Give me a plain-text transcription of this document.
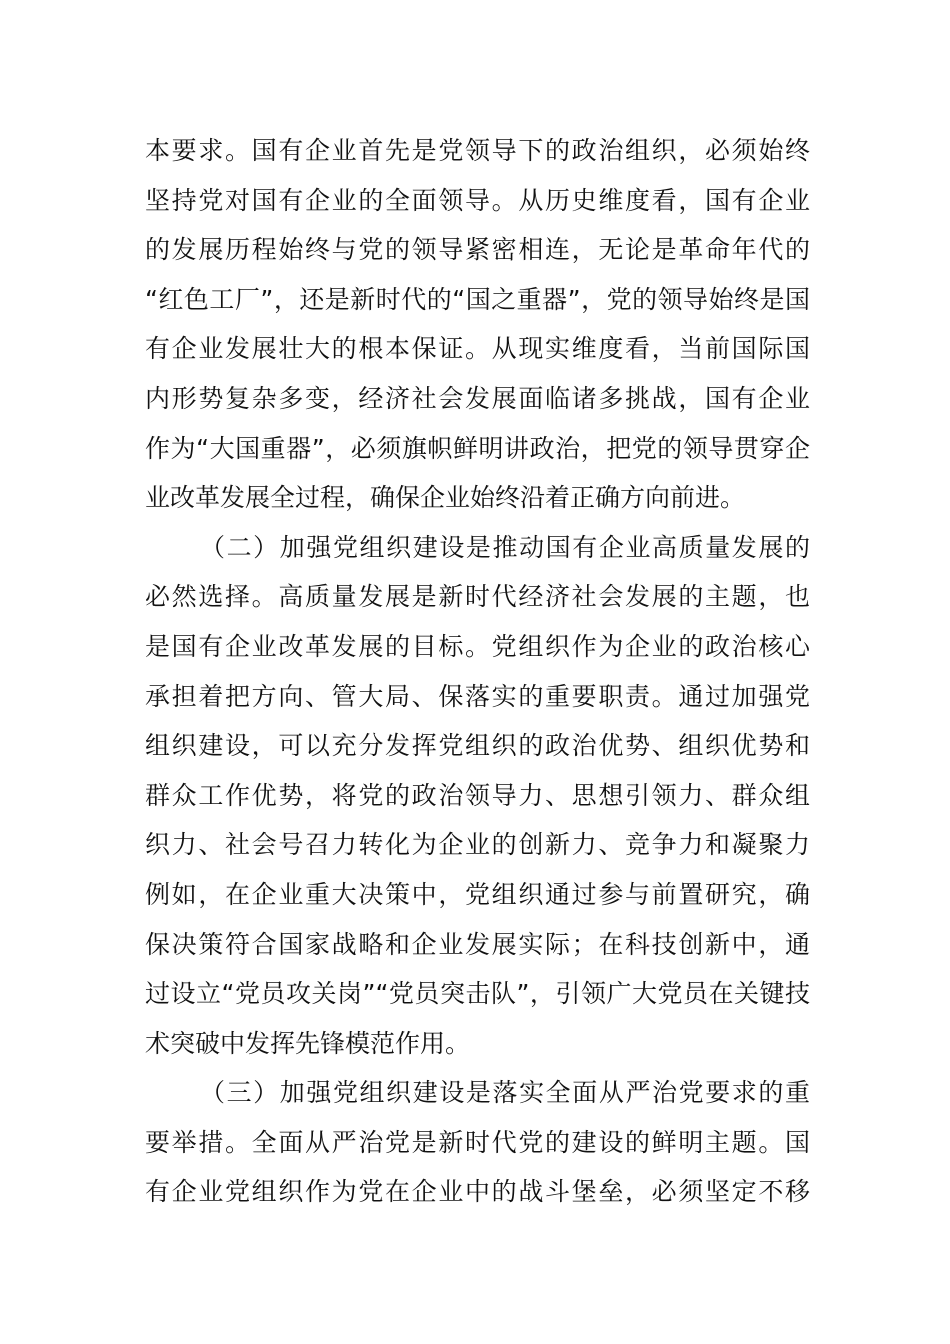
本要求。国有企业首先是党领导下的政治组织，必须始终
坚持党对国有企业的全面领导。从历史维度看，国有企业
的发展历程始终与党的领导紧密相连，无论是革命年代的
“红色工厂”，还是新时代的“国之重器”，党的领导始终是国
有企业发展壮大的根本保证。从现实维度看，当前国际国
内形势复杂多变，经济社会发展面临诸多挑战，国有企业
作为“大国重器”，必须旗帜鲜明讲政治，把党的领导贯穿企
业改革发展全过程，确保企业始终沿着正确方向前进。
（二）加强党组织建设是推动国有企业高质量发展的
必然选择。高质量发展是新时代经济社会发展的主题，也
是国有企业改革发展的目标。党组织作为企业的政治核心
承担着把方向、管大局、保落实的重要职责。通过加强党
组织建设，可以充分发挥党组织的政治优势、组织优势和
群众工作优势，将党的政治领导力、思想引领力、群众组
织力、社会号召力转化为企业的创新力、竞争力和凝聚力
例如，在企业重大决策中，党组织通过参与前置研究，确
保决策符合国家战略和企业发展实际；在科技创新中，通
过设立“党员攻关岗”“党员突击队”，引领广大党员在关键技
术突破中发挥先锋模范作用。
（三）加强党组织建设是落实全面从严治党要求的重
要举措。全面从严治党是新时代党的建设的鲜明主题。国
有企业党组织作为党在企业中的战斗堡垒，必须坚定不移
